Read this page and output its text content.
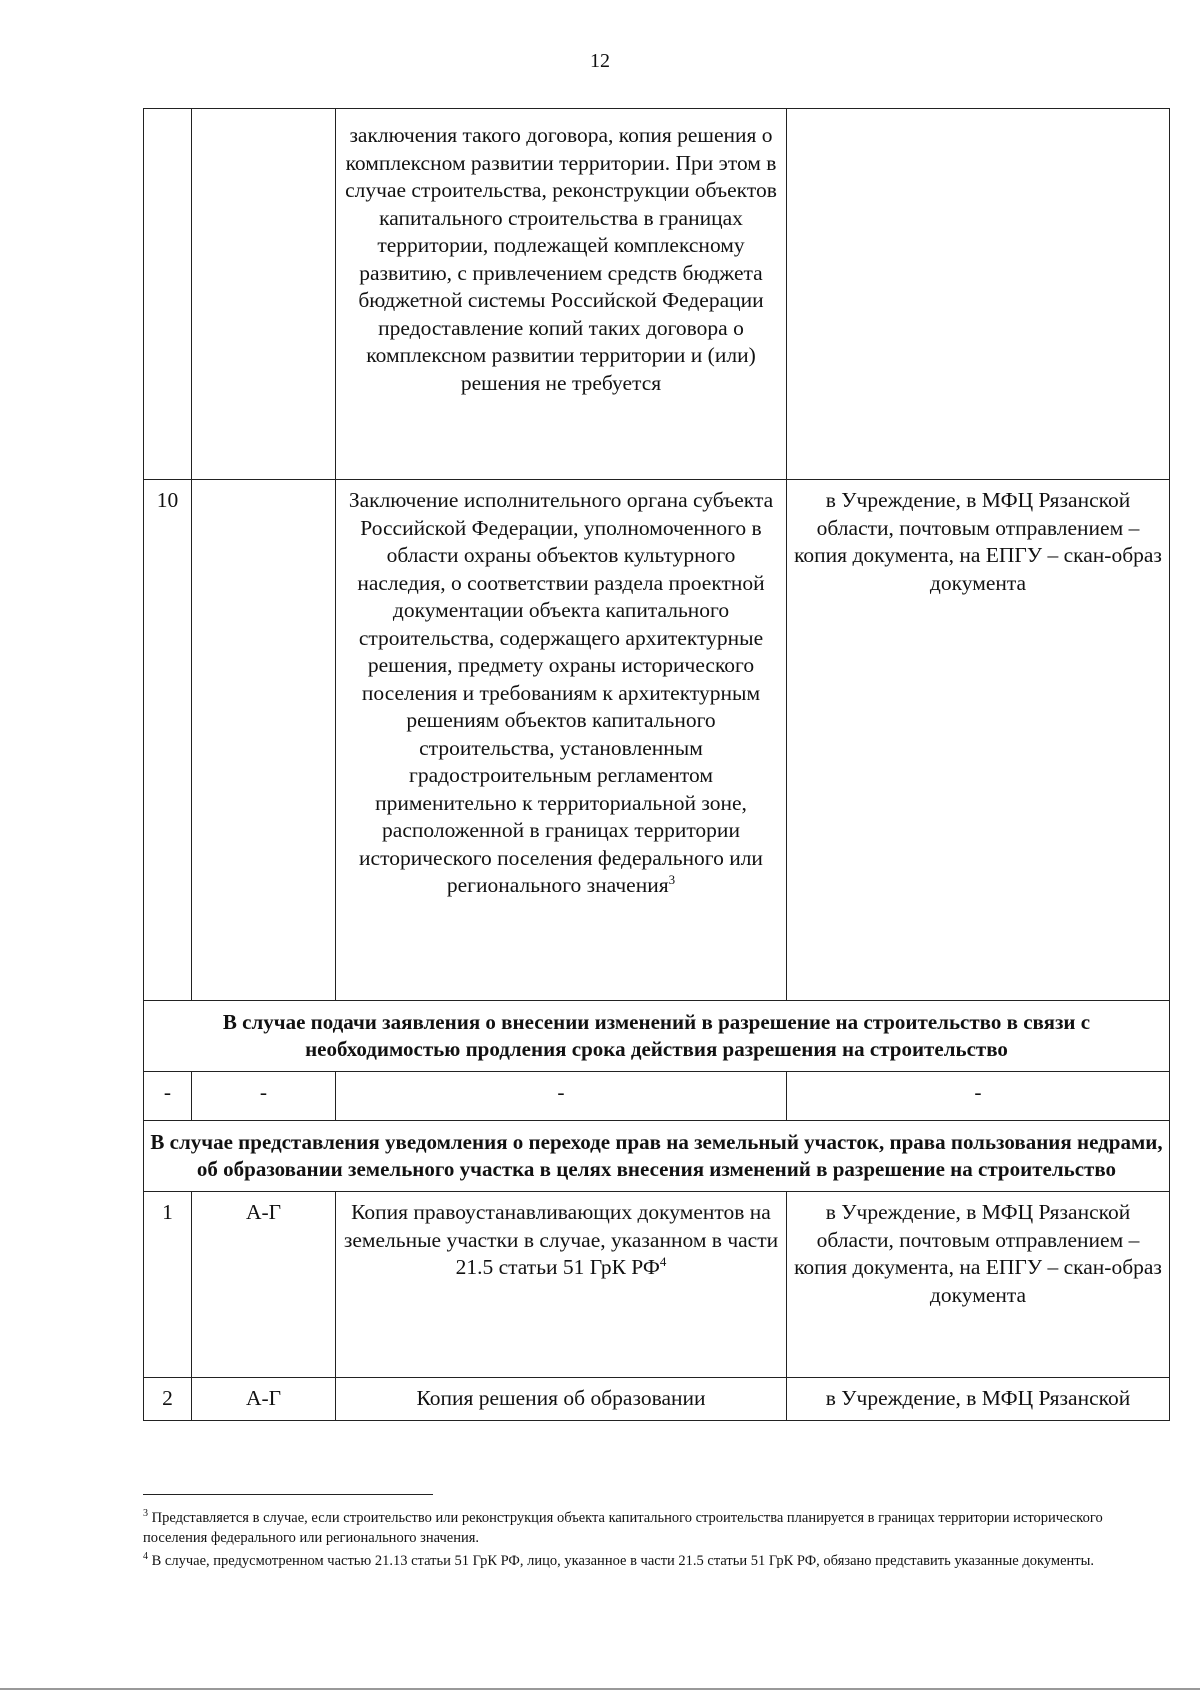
12
		заключения такого договора, копия решения о комплексном развитии территории. При этом в случае строительства, реконструкции объектов капитального строительства в границах территории, подлежащей комплексному развитию, с привлечением средств бюджета бюджетной системы Российской Федерации предоставление копий таких договора о комплексном развитии территории и (или) решения не требуется	
10		Заключение исполнительного органа субъекта Российской Федерации, уполномоченного в области охраны объектов культурного наследия, о соответствии раздела проектной документации объекта капитального строительства, содержащего архитектурные решения, предмету охраны исторического поселения и требованиям к архитектурным решениям объектов капитального строительства, установленным градостроительным регламентом применительно к территориальной зоне, расположенной в границах территории исторического поселения федерального или регионального значения$^3$	в Учреждение, в МФЦ Рязанской области, почтовым отправлением – копия документа, на ЕПГУ – скан-образ документа
В случае подачи заявления о внесении изменений в разрешение на строительство в связи с необходимостью продления срока действия разрешения на строительство			
-	-	-	-
В случае представления уведомления о переходе прав на земельный участок, права пользования недрами, об образовании земельного участка в целях внесения изменений в разрешение на строительство			
1	А-Г	Копия правоустанавливающих документов на земельные участки в случае, указанном в части 21.5 статьи 51 ГрК $РФ^4$	в Учреждение, в МФЦ Рязанской области, почтовым отправлением – копия документа, на ЕПГУ – скан-образ документа
2	А-Г	Копия решения об образовании	в Учреждение, в МФЦ Рязанской

$^3$ Представляется в случае, если строительство или реконструкция объекта капитального строительства планируется в границах территории исторического поселения федерального или регионального значения.

$^4$ В случае, предусмотренном частью 21.13 статьи 51 ГрК РФ, лицо, указанное в части 21.5 статьи 51 ГрК РФ, обязано представить указанные документы.
